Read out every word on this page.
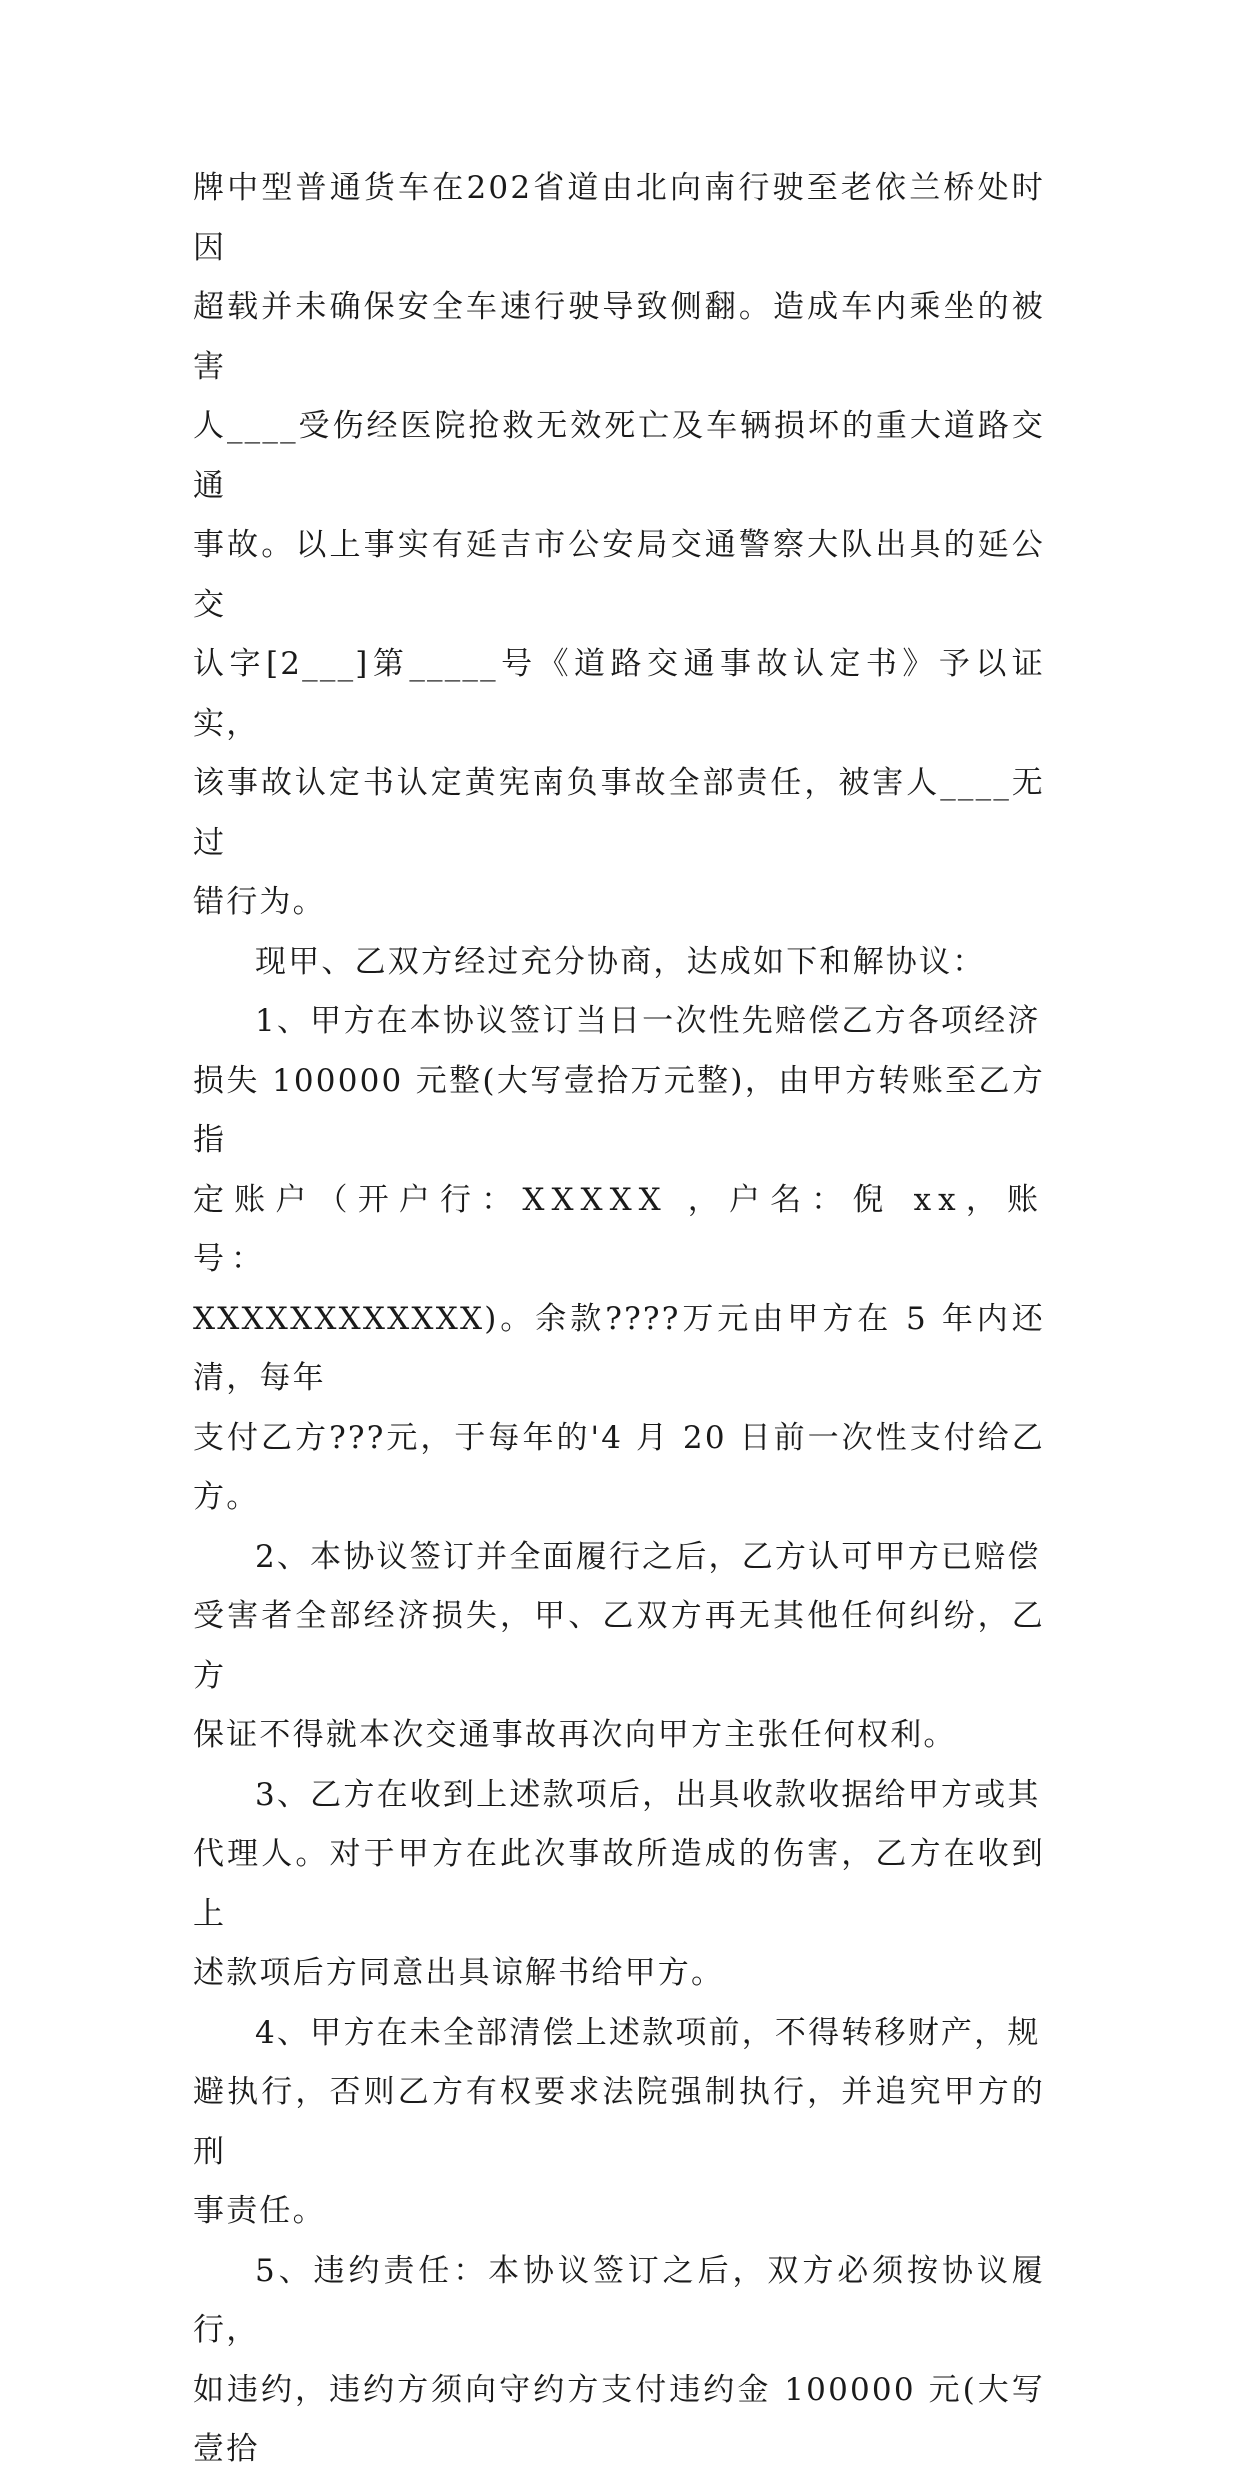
牌中型普通货车在202省道由北向南行驶至老依兰桥处时因
超载并未确保安全车速行驶导致侧翻。造成车内乘坐的被害
人____受伤经医院抢救无效死亡及车辆损坏的重大道路交通
事故。以上事实有延吉市公安局交通警察大队出具的延公交
认字[2___]第_____号《道路交通事故认定书》予以证实，
该事故认定书认定黄宪南负事故全部责任，被害人____无过
错行为。
现甲、乙双方经过充分协商，达成如下和解协议：
1、甲方在本协议签订当日一次性先赔偿乙方各项经济
损失 100000 元整(大写壹拾万元整)，由甲方转账至乙方指
定账户（开户行：XXXXX ，户名：倪 xx，账号：
XXXXXXXXXXXX)。余款????万元由甲方在 5 年内还清，每年
支付乙方???元，于每年的'4 月 20 日前一次性支付给乙方。
2、本协议签订并全面履行之后，乙方认可甲方已赔偿
受害者全部经济损失，甲、乙双方再无其他任何纠纷，乙方
保证不得就本次交通事故再次向甲方主张任何权利。
3、乙方在收到上述款项后，出具收款收据给甲方或其
代理人。对于甲方在此次事故所造成的伤害，乙方在收到上
述款项后方同意出具谅解书给甲方。
4、甲方在未全部清偿上述款项前，不得转移财产，规
避执行，否则乙方有权要求法院强制执行，并追究甲方的刑
事责任。
5、违约责任：本协议签订之后，双方必须按协议履行，
如违约，违约方须向守约方支付违约金 100000 元(大写壹拾
